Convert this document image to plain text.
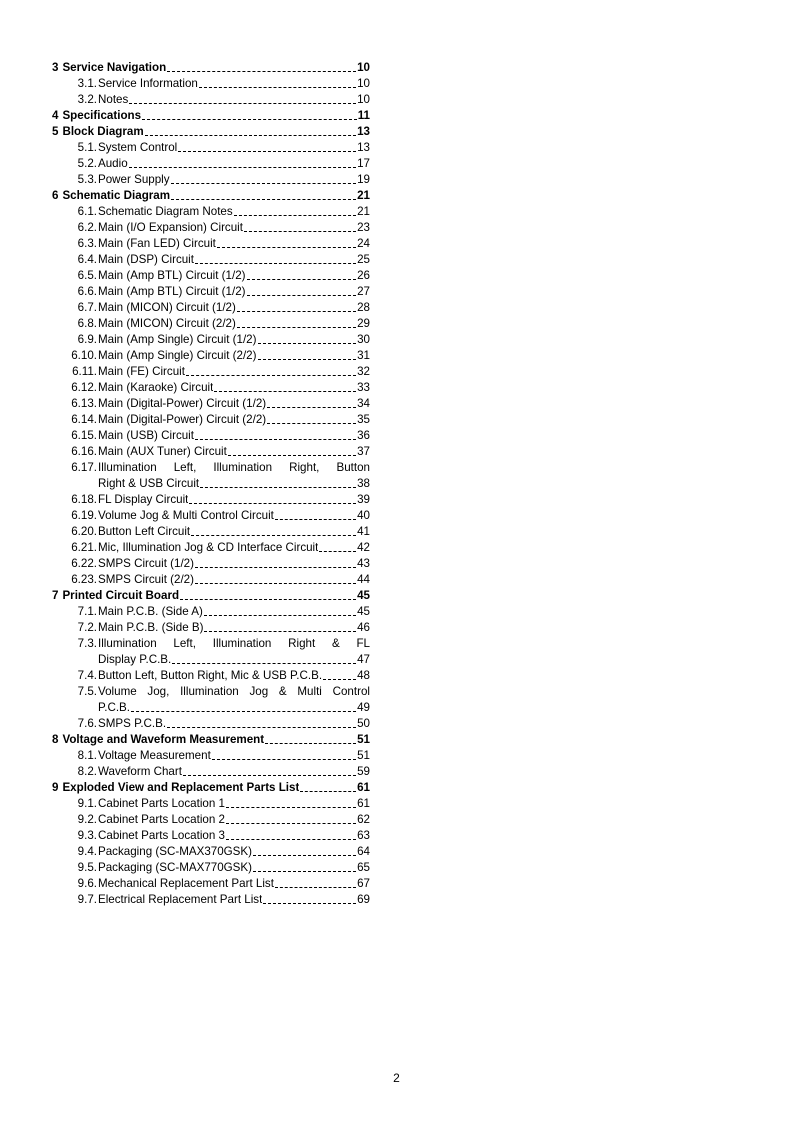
3 Service Navigation	10
3.1. Service Information	10
3.2. Notes	10
4 Specifications	11
5 Block Diagram	13
5.1. System Control	13
5.2. Audio	17
5.3. Power Supply	19
6 Schematic Diagram	21
6.1. Schematic Diagram Notes	21
6.2. Main (I/O Expansion) Circuit	23
6.3. Main (Fan LED) Circuit	24
6.4. Main (DSP) Circuit	25
6.5. Main (Amp BTL) Circuit (1/2)	26
6.6. Main (Amp BTL) Circuit (1/2)	27
6.7. Main (MICON) Circuit (1/2)	28
6.8. Main (MICON) Circuit (2/2)	29
6.9. Main (Amp Single) Circuit (1/2)	30
6.10. Main (Amp Single) Circuit (2/2)	31
6.11. Main (FE) Circuit	32
6.12. Main (Karaoke) Circuit	33
6.13. Main (Digital-Power) Circuit (1/2)	34
6.14. Main (Digital-Power) Circuit (2/2)	35
6.15. Main (USB) Circuit	36
6.16. Main (AUX Tuner) Circuit	37
6.17. Illumination Left, Illumination Right, Button
Right & USB Circuit	38
6.18. FL Display Circuit	39
6.19. Volume Jog & Multi Control Circuit	40
6.20. Button Left Circuit	41
6.21. Mic, Illumination Jog & CD Interface Circuit	42
6.22. SMPS Circuit (1/2)	43
6.23. SMPS Circuit (2/2)	44
7 Printed Circuit Board	45
7.1. Main P.C.B. (Side A)	45
7.2. Main P.C.B. (Side B)	46
7.3. Illumination Left, Illumination Right & FL
Display P.C.B.	47
7.4. Button Left, Button Right, Mic & USB P.C.B.	48
7.5. Volume Jog, Illumination Jog & Multi Control
P.C.B.	49
7.6. SMPS P.C.B.	50
8 Voltage and Waveform Measurement	51
8.1. Voltage Measurement	51
8.2. Waveform Chart	59
9 Exploded View and Replacement Parts List	61
9.1. Cabinet Parts Location 1	61
9.2. Cabinet Parts Location 2	62
9.3. Cabinet Parts Location 3	63
9.4. Packaging (SC-MAX370GSK)	64
9.5. Packaging (SC-MAX770GSK)	65
9.6. Mechanical Replacement Part List	67
9.7. Electrical Replacement Part List	69
2
